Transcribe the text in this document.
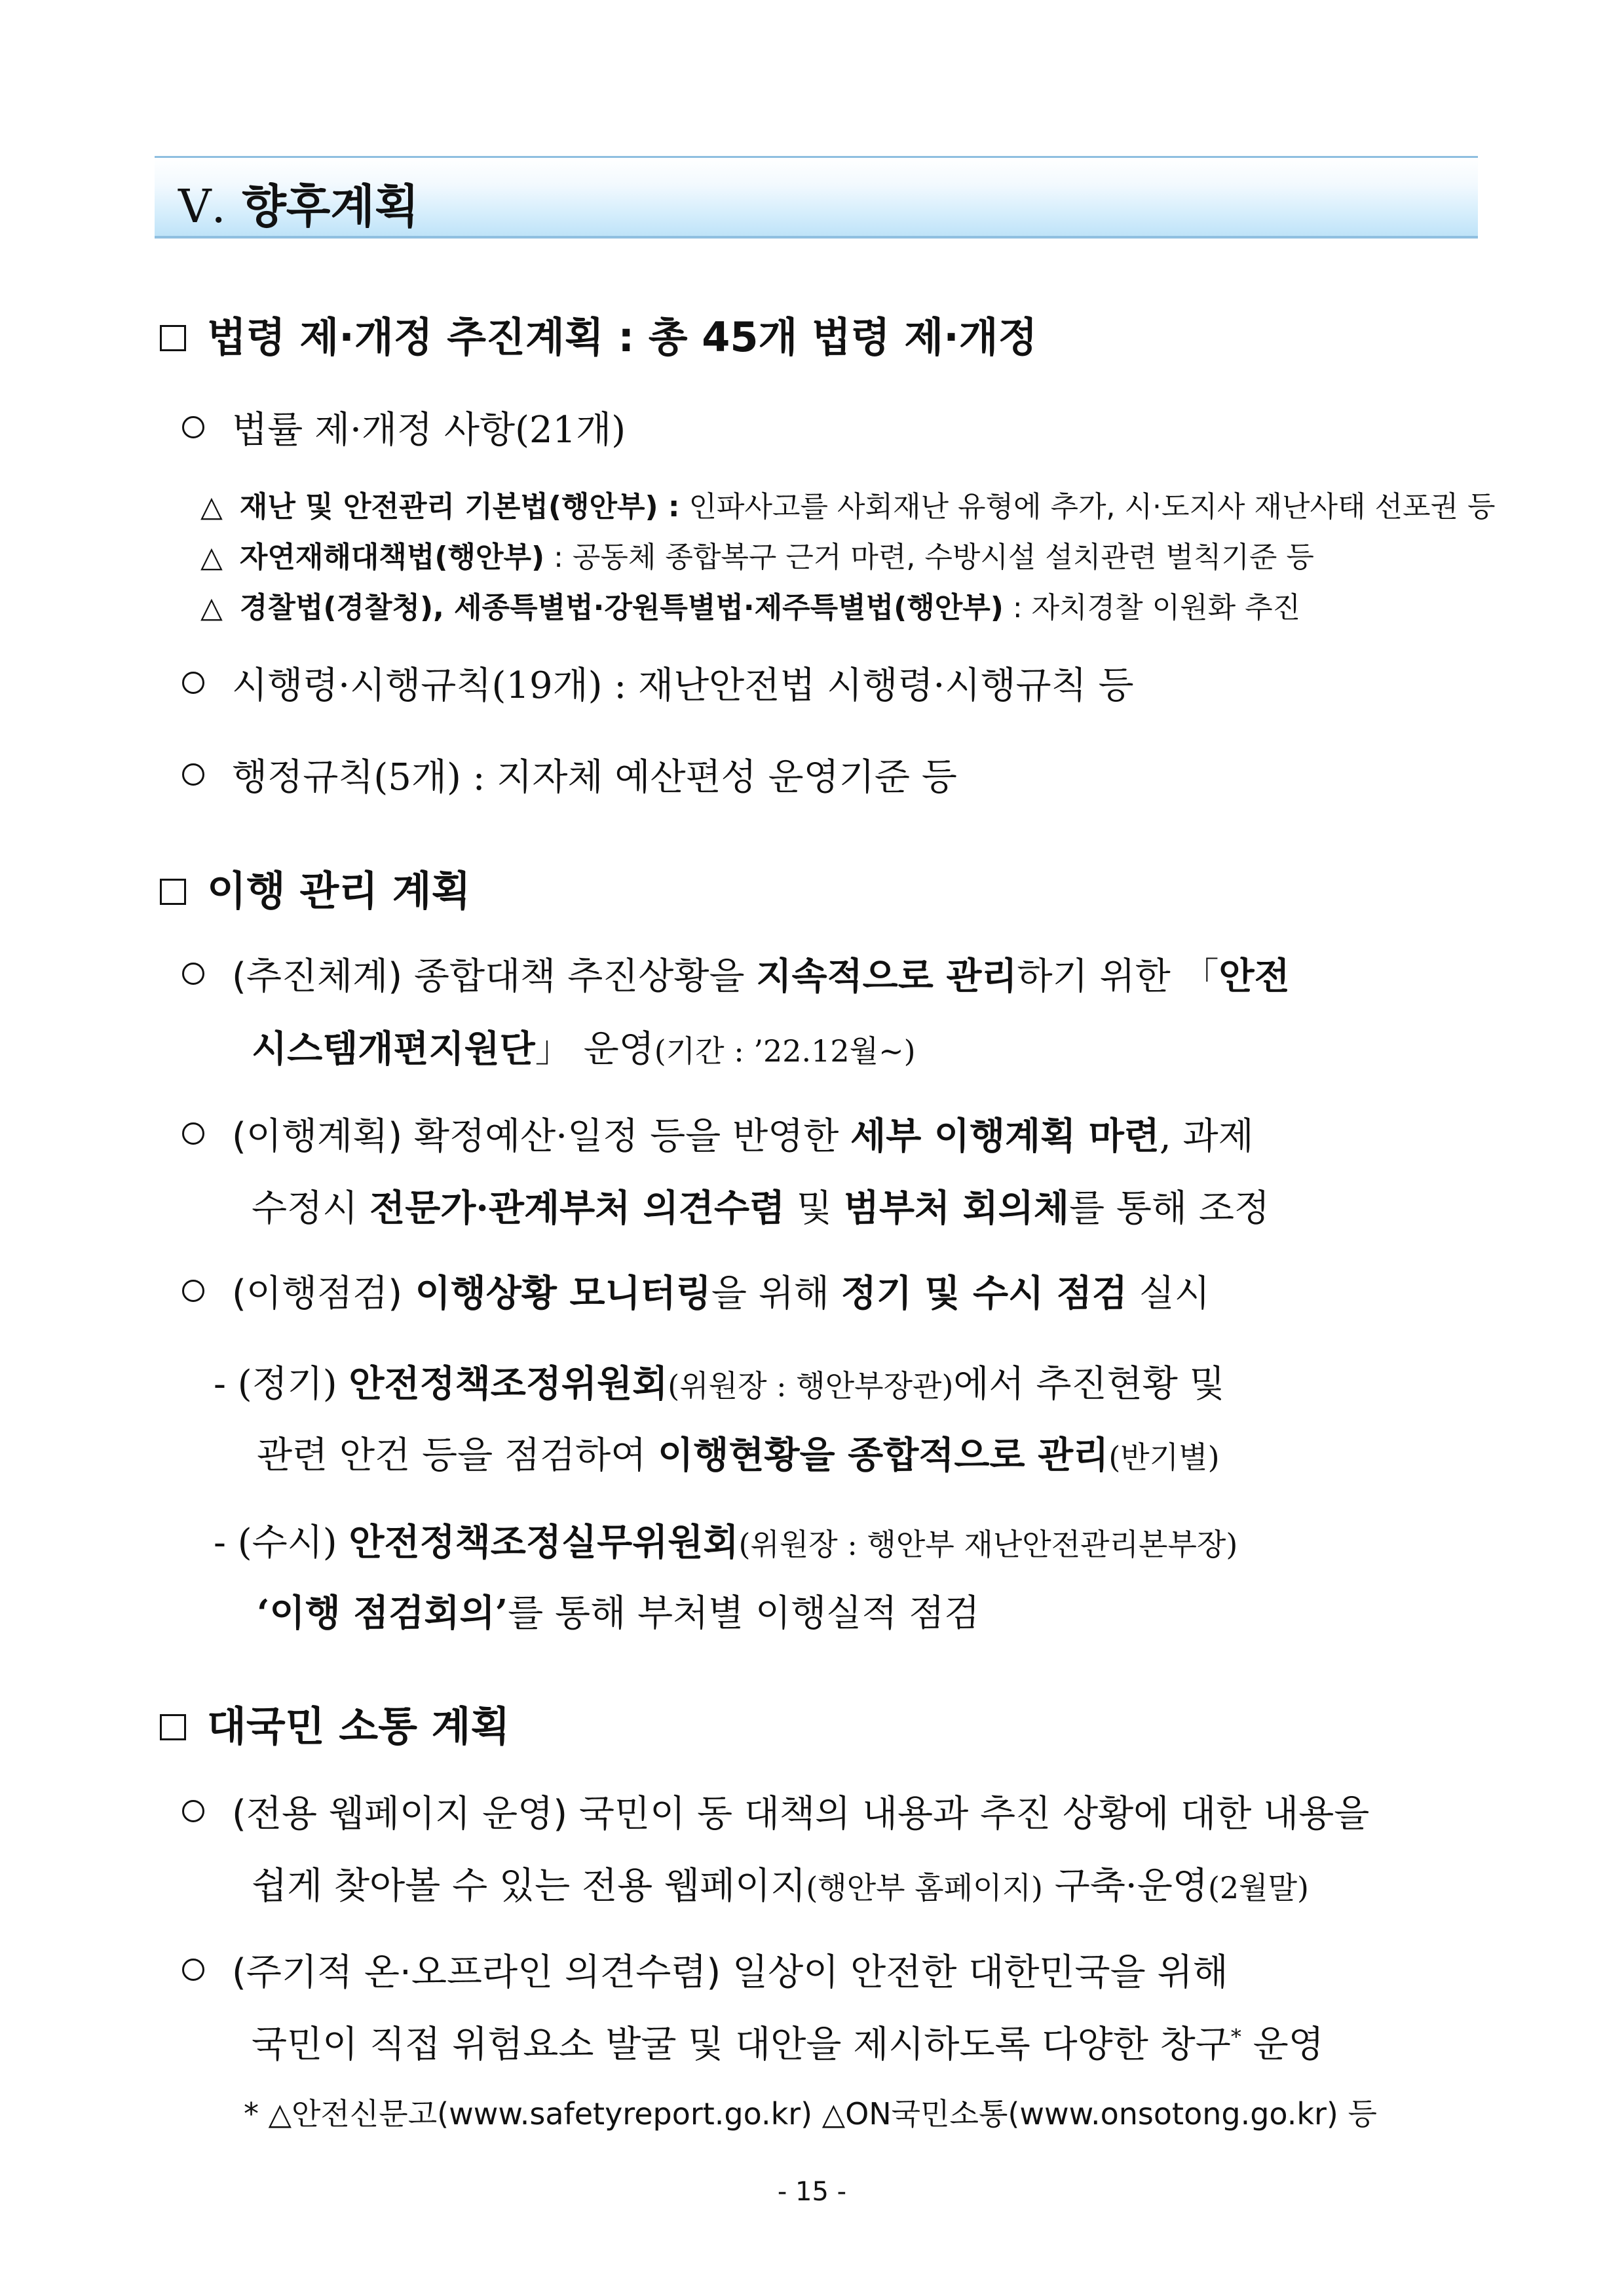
Ⅴ. 향후계획
법령 제·개정 추진계획 : 총 45개 법령 제·개정
법률 제·개정 사항(21개)
△ 재난 및 안전관리 기본법(행안부) : 인파사고를 사회재난 유형에 추가, 시·도지사 재난사태 선포권 등
△ 자연재해대책법(행안부) : 공동체 종합복구 근거 마련, 수방시설 설치관련 벌칙기준 등
△ 경찰법(경찰청), 세종특별법·강원특별법·제주특별법(행안부) : 자치경찰 이원화 추진
시행령·시행규칙(19개) : 재난안전법 시행령·시행규칙 등
행정규칙(5개) : 지자체 예산편성 운영기준 등
이행 관리 계획
(추진체계) 종합대책 추진상황을 지속적으로 관리하기 위한 「안전
시스템개편지원단」 운영(기간 : ’22.12월~)
(이행계획) 확정예산·일정 등을 반영한 세부 이행계획 마련, 과제
수정시 전문가·관계부처 의견수렴 및 범부처 회의체를 통해 조정
(이행점검) 이행상황 모니터링을 위해 정기 및 수시 점검 실시
- (정기) 안전정책조정위원회(위원장 : 행안부장관)에서 추진현황 및
관련 안건 등을 점검하여 이행현황을 종합적으로 관리(반기별)
- (수시) 안전정책조정실무위원회(위원장 : 행안부 재난안전관리본부장)
‘이행 점검회의’를 통해 부처별 이행실적 점검
대국민 소통 계획
(전용 웹페이지 운영) 국민이 동 대책의 내용과 추진 상황에 대한 내용을
쉽게 찾아볼 수 있는 전용 웹페이지(행안부 홈페이지) 구축·운영(2월말)
(주기적 온·오프라인 의견수렴) 일상이 안전한 대한민국을 위해
국민이 직접 위험요소 발굴 및 대안을 제시하도록 다양한 창구* 운영
* △안전신문고(www.safetyreport.go.kr) △ON국민소통(www.onsotong.go.kr) 등
- 15 -
